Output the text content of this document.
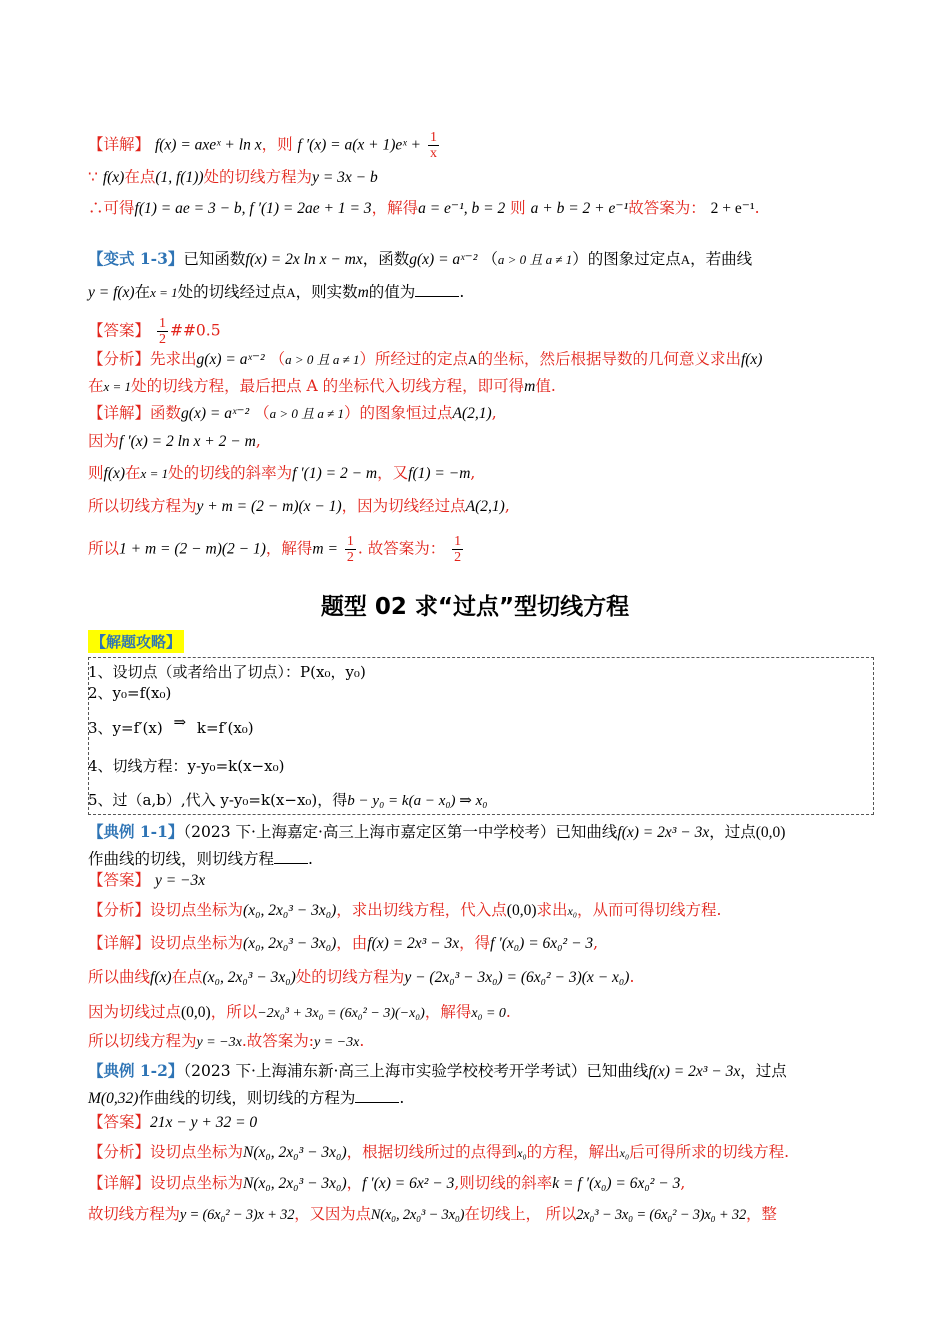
【详解】 f(x) = axeˣ + ln x，则 f ′(x) = a(x + 1)eˣ + $\frac{1}{x}$
∵ f(x)在点(1, f(1))处的切线方程为y = 3x − b
∴可得f(1) = ae = 3 − b, f ′(1) = 2ae + 1 = 3，解得a = e⁻¹, b = 2 则 a + b = 2 + e⁻¹故答案为： 2 + e⁻¹.
【变式 1-3】已知函数f(x) = 2x ln x − mx，函数g(x) = aˣ⁻² （a > 0 且 a ≠ 1）的图象过定点A，若曲线
y = f(x)在x = 1处的切线经过点A，则实数m的值为	.
【答案】 $\frac{1}{2}$ ##0.5
【分析】先求出g(x) = aˣ⁻² （a > 0 且 a ≠ 1）所经过的定点A的坐标，然后根据导数的几何意义求出f(x)
在x = 1处的切线方程，最后把点 A 的坐标代入切线方程，即可得m值.
【详解】函数g(x) = aˣ⁻² （a > 0 且 a ≠ 1）的图象恒过点A(2,1),
因为f ′(x) = 2 ln x + 2 − m,
则f(x)在x = 1处的切线的斜率为f ′(1) = 2 − m，又f(1) = −m,
所以切线方程为y + m = (2 − m)(x − 1)，因为切线经过点A(2,1),
所以1 + m = (2 − m)(2 − 1)，解得$m = \frac{1}{2}$ . 故答案为： $\frac{1}{2}$
题型 02 求“过点”型切线方程
【解题攻略】
1、设切点（或者给出了切点）：P(x₀，y₀)
2、y₀=f(x₀)
3、y=f′(x) ⇒ k=f′(x₀)
4、切线方程：y-y₀=k(x−x₀)
5、过（a,b）,代入 y-y₀=k(x−x₀)，得b − y₀ = k(a − x₀) ⇒ x₀
【典例 1-1】（2023 下·上海嘉定·高三上海市嘉定区第一中学校考）已知曲线f(x) = 2x³ − 3x，过点(0,0)
作曲线的切线，则切线方程 .
【答案】 y = −3x
【分析】设切点坐标为(x₀, 2x₀³ − 3x₀)，求出切线方程，代入点(0,0)求出x₀，从而可得切线方程.
【详解】设切点坐标为(x₀, 2x₀³ − 3x₀)，由f(x) = 2x³ − 3x，得f ′(x₀) = 6x₀² − 3,
所以曲线f(x)在点(x₀, 2x₀³ − 3x₀)处的切线方程为y − (2x₀³ − 3x₀) = (6x₀² − 3)(x − x₀).
因为切线过点(0,0)，所以−2x₀³ + 3x₀ = (6x₀² − 3)(−x₀)，解得x₀ = 0.
所以切线方程为y = −3x.故答案为:y = −3x.
【典例 1-2】（2023 下·上海浦东新·高三上海市实验学校校考开学考试）已知曲线f(x) = 2x³ − 3x，过点
M(0,32)作曲线的切线，则切线的方程为	.
【答案】21x − y + 32 = 0
【分析】设切点坐标为N(x₀, 2x₀³ − 3x₀)，根据切线所过的点得到x₀的方程，解出x₀后可得所求的切线方程.
【详解】设切点坐标为N(x₀, 2x₀³ − 3x₀)，f ′(x) = 6x² − 3,则切线的斜率k = f ′(x₀) = 6x₀² − 3,
故切线方程为y = (6x₀² − 3)x + 32，又因为点N(x₀, 2x₀³ − 3x₀)在切线上， 所以2x₀³ − 3x₀ = (6x₀² − 3)x₀ + 32，整
